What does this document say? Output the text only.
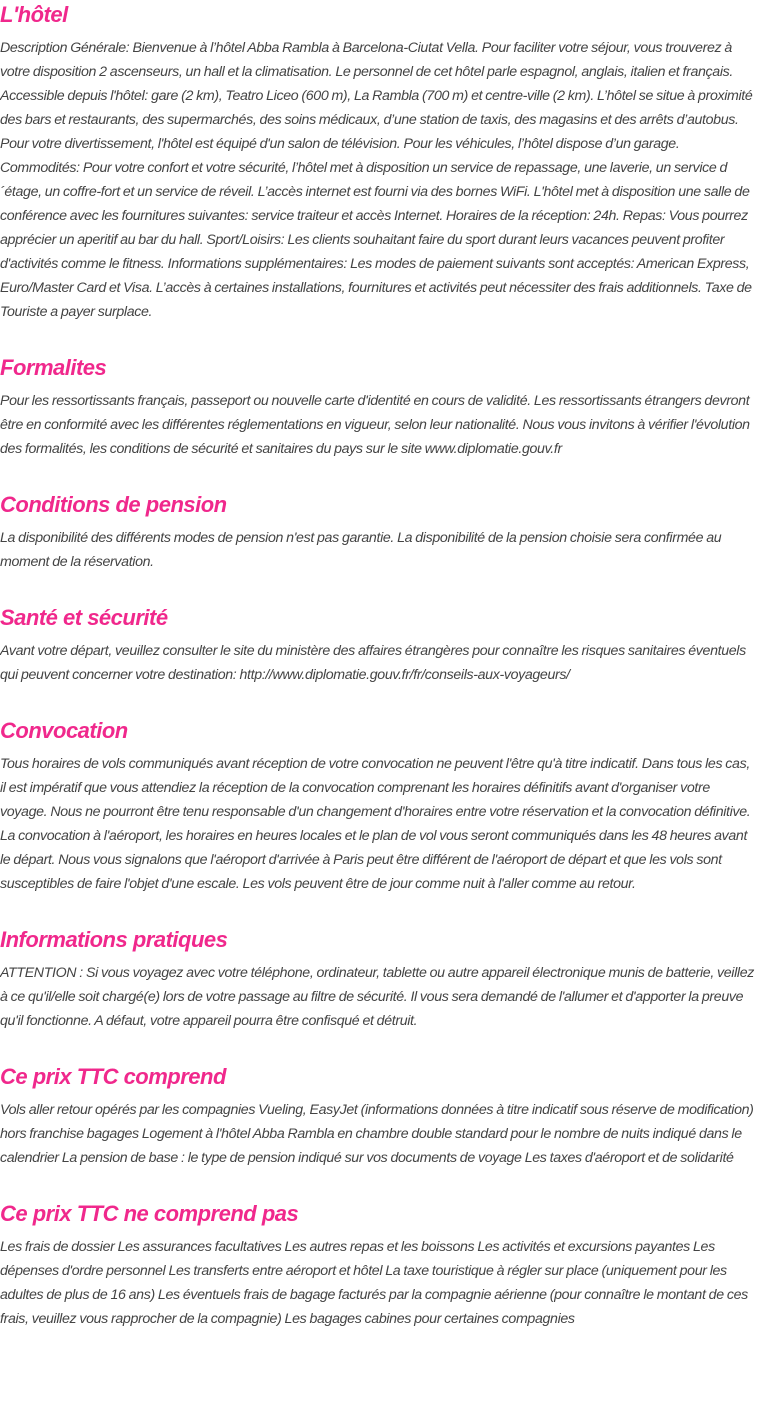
L'hôtel

Description Générale: Bienvenue à l’hôtel Abba Rambla à Barcelona-Ciutat Vella. Pour faciliter votre séjour, vous trouverez à votre disposition 2 ascenseurs, un hall et la climatisation. Le personnel de cet hôtel parle espagnol, anglais, italien et français. Accessible depuis l'hôtel: gare (2 km), Teatro Liceo (600 m), La Rambla (700 m) et centre-ville (2 km). L’hôtel se situe à proximité des bars et restaurants, des supermarchés, des soins médicaux, d’une station de taxis, des magasins et des arrêts d’autobus. Pour votre divertissement, l'hôtel est équipé d'un salon de télévision. Pour les véhicules, l’hôtel dispose d’un garage. Commodités: Pour votre confort et votre sécurité, l’hôtel met à disposition un service de repassage, une laverie, un service d´étage, un coffre-fort et un service de réveil. L’accès internet est fourni via des bornes WiFi. L'hôtel met à disposition une salle de conférence avec les fournitures suivantes: service traiteur et accès Internet. Horaires de la réception: 24h. Repas: Vous pourrez apprécier un aperitif au bar du hall. Sport/Loisirs: Les clients souhaitant faire du sport durant leurs vacances peuvent profiter d'activités comme le fitness. Informations supplémentaires: Les modes de paiement suivants sont acceptés: American Express, Euro/Master Card et Visa. L’accès à certaines installations, fournitures et activités peut nécessiter des frais additionnels. Taxe de Touriste a payer surplace.

Formalites

Pour les ressortissants français, passeport ou nouvelle carte d'identité en cours de validité. Les ressortissants étrangers devront être en conformité avec les différentes réglementations en vigueur, selon leur nationalité. Nous vous invitons à vérifier l'évolution des formalités, les conditions de sécurité et sanitaires du pays sur le site www.diplomatie.gouv.fr

Conditions de pension

La disponibilité des différents modes de pension n'est pas garantie. La disponibilité de la pension choisie sera confirmée au moment de la réservation.

Santé et sécurité

Avant votre départ, veuillez consulter le site du ministère des affaires étrangères pour connaître les risques sanitaires éventuels qui peuvent concerner votre destination: http://www.diplomatie.gouv.fr/fr/conseils-aux-voyageurs/

Convocation

Tous horaires de vols communiqués avant réception de votre convocation ne peuvent l'être qu'à titre indicatif. Dans tous les cas, il est impératif que vous attendiez la réception de la convocation comprenant les horaires définitifs avant d'organiser votre voyage. Nous ne pourront être tenu responsable d'un changement d'horaires entre votre réservation et la convocation définitive. La convocation à l'aéroport, les horaires en heures locales et le plan de vol vous seront communiqués dans les 48 heures avant le départ. Nous vous signalons que l'aéroport d'arrivée à Paris peut être différent de l'aéroport de départ et que les vols sont susceptibles de faire l'objet d'une escale. Les vols peuvent être de jour comme nuit à l'aller comme au retour.

Informations pratiques

ATTENTION : Si vous voyagez avec votre téléphone, ordinateur, tablette ou autre appareil électronique munis de batterie, veillez à ce qu'il/elle soit chargé(e) lors de votre passage au filtre de sécurité. Il vous sera demandé de l'allumer et d'apporter la preuve qu'il fonctionne. A défaut, votre appareil pourra être confisqué et détruit.

Ce prix TTC comprend

Vols aller retour opérés par les compagnies Vueling, EasyJet (informations données à titre indicatif sous réserve de modification) hors franchise bagages Logement à l'hôtel Abba Rambla en chambre double standard pour le nombre de nuits indiqué dans le calendrier La pension de base : le type de pension indiqué sur vos documents de voyage Les taxes d'aéroport et de solidarité

Ce prix TTC ne comprend pas

Les frais de dossier Les assurances facultatives Les autres repas et les boissons Les activités et excursions payantes Les dépenses d'ordre personnel Les transferts entre aéroport et hôtel La taxe touristique à régler sur place (uniquement pour les adultes de plus de 16 ans) Les éventuels frais de bagage facturés par la compagnie aérienne (pour connaître le montant de ces frais, veuillez vous rapprocher de la compagnie) Les bagages cabines pour certaines compagnies
